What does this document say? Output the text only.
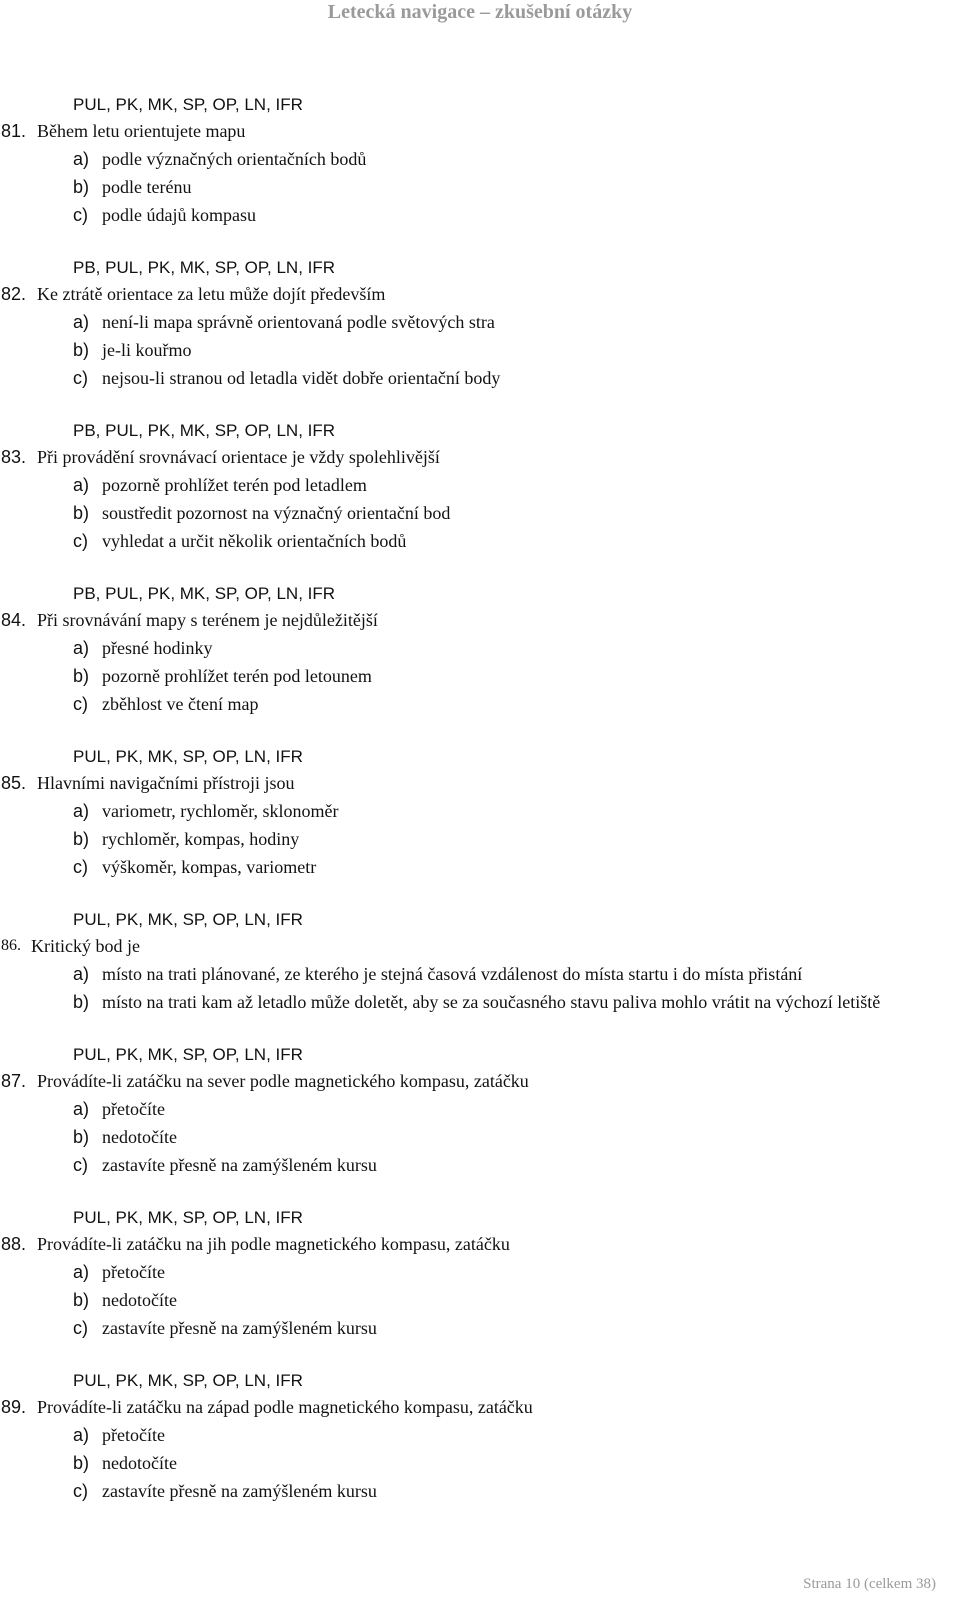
Letecká navigace – zkušební otázky
PUL, PK, MK, SP, OP, LN, IFR
81. Během letu orientujete mapu

a) podle význačných orientačních bodů
b) podle terénu
c) podle údajů kompasu
PB, PUL, PK, MK, SP, OP, LN, IFR
82. Ke ztrátě orientace za letu může dojít především

a) není-li mapa správně orientovaná podle světových stra
b) je-li kouřmo
c) nejsou-li stranou od letadla vidět dobře orientační body
PB, PUL, PK, MK, SP, OP, LN, IFR
83. Při provádění srovnávací orientace je vždy spolehlivější

a) pozorně prohlížet terén pod letadlem
b) soustředit pozornost na význačný orientační bod
c) vyhledat a určit několik orientačních bodů
PB, PUL, PK, MK, SP, OP, LN, IFR
84. Při srovnávání mapy s terénem je nejdůležitější

a) přesné hodinky
b) pozorně prohlížet terén pod letounem
c) zběhlost ve čtení map
PUL, PK, MK, SP, OP, LN, IFR
85. Hlavními navigačními přístroji jsou

a) variometr, rychloměr, sklonoměr
b) rychloměr, kompas, hodiny
c) výškoměr, kompas, variometr
PUL, PK, MK, SP, OP, LN, IFR
86. Kritický bod je

a) místo na trati plánované, ze kterého je stejná časová vzdálenost do místa startu i do místa přistání
b) místo na trati kam až letadlo může doletět, aby se za současného stavu paliva mohlo vrátit na výchozí letiště
PUL, PK, MK, SP, OP, LN, IFR
87. Provádíte-li zatáčku na sever podle magnetického kompasu, zatáčku

a) přetočíte
b) nedotočíte
c) zastavíte přesně na zamýšleném kursu
PUL, PK, MK, SP, OP, LN, IFR
88. Provádíte-li zatáčku na jih podle magnetického kompasu, zatáčku

a) přetočíte
b) nedotočíte
c) zastavíte přesně na zamýšleném kursu
PUL, PK, MK, SP, OP, LN, IFR
89. Provádíte-li zatáčku na západ podle magnetického kompasu, zatáčku

a) přetočíte
b) nedotočíte
c) zastavíte přesně na zamýšleném kursu
Strana 10 (celkem 38)
